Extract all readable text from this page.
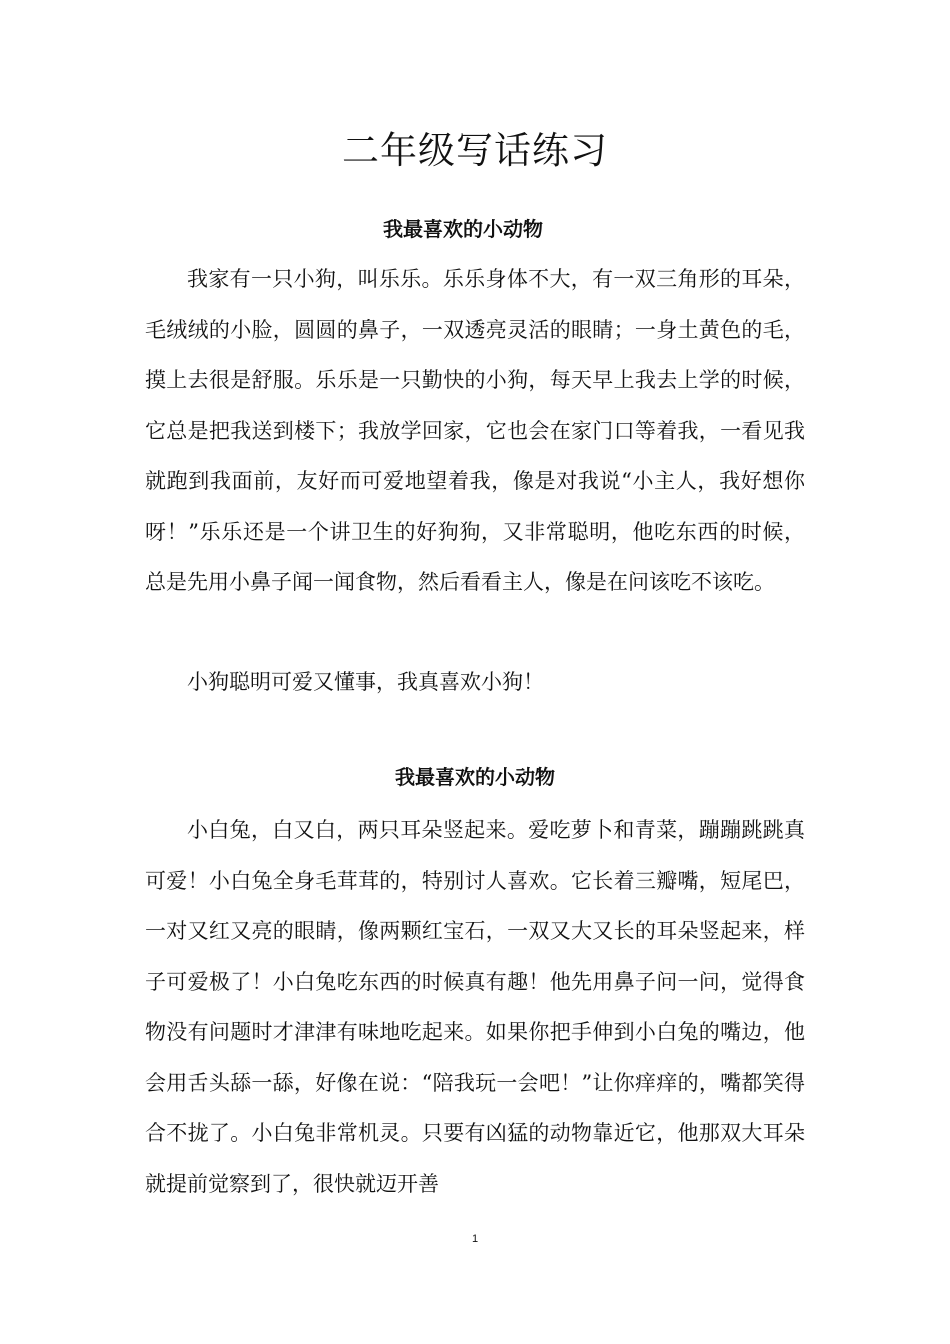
二年级写话练习
我最喜欢的小动物

我家有一只小狗，叫乐乐。乐乐身体不大，有一双三角形的耳朵，毛绒绒的小脸，圆圆的鼻子，一双透亮灵活的眼睛；一身土黄色的毛，摸上去很是舒服。乐乐是一只勤快的小狗，每天早上我去上学的时候，它总是把我送到楼下；我放学回家，它也会在家门口等着我，一看见我就跑到我面前，友好而可爱地望着我，像是对我说“小主人，我好想你呀！”乐乐还是一个讲卫生的好狗狗，又非常聪明，他吃东西的时候，总是先用小鼻子闻一闻食物，然后看看主人，像是在问该吃不该吃。

小狗聪明可爱又懂事，我真喜欢小狗！

我最喜欢的小动物

小白兔，白又白，两只耳朵竖起来。爱吃萝卜和青菜，蹦蹦跳跳真可爱！小白兔全身毛茸茸的，特别讨人喜欢。它长着三瓣嘴，短尾巴，一对又红又亮的眼睛，像两颗红宝石，一双又大又长的耳朵竖起来，样子可爱极了！小白兔吃东西的时候真有趣！他先用鼻子问一问，觉得食物没有问题时才津津有味地吃起来。如果你把手伸到小白兔的嘴边，他会用舌头舔一舔，好像在说：“陪我玩一会吧！”让你痒痒的，嘴都笑得合不拢了。小白兔非常机灵。只要有凶猛的动物靠近它，他那双大耳朵就提前觉察到了，很快就迈开善

1
